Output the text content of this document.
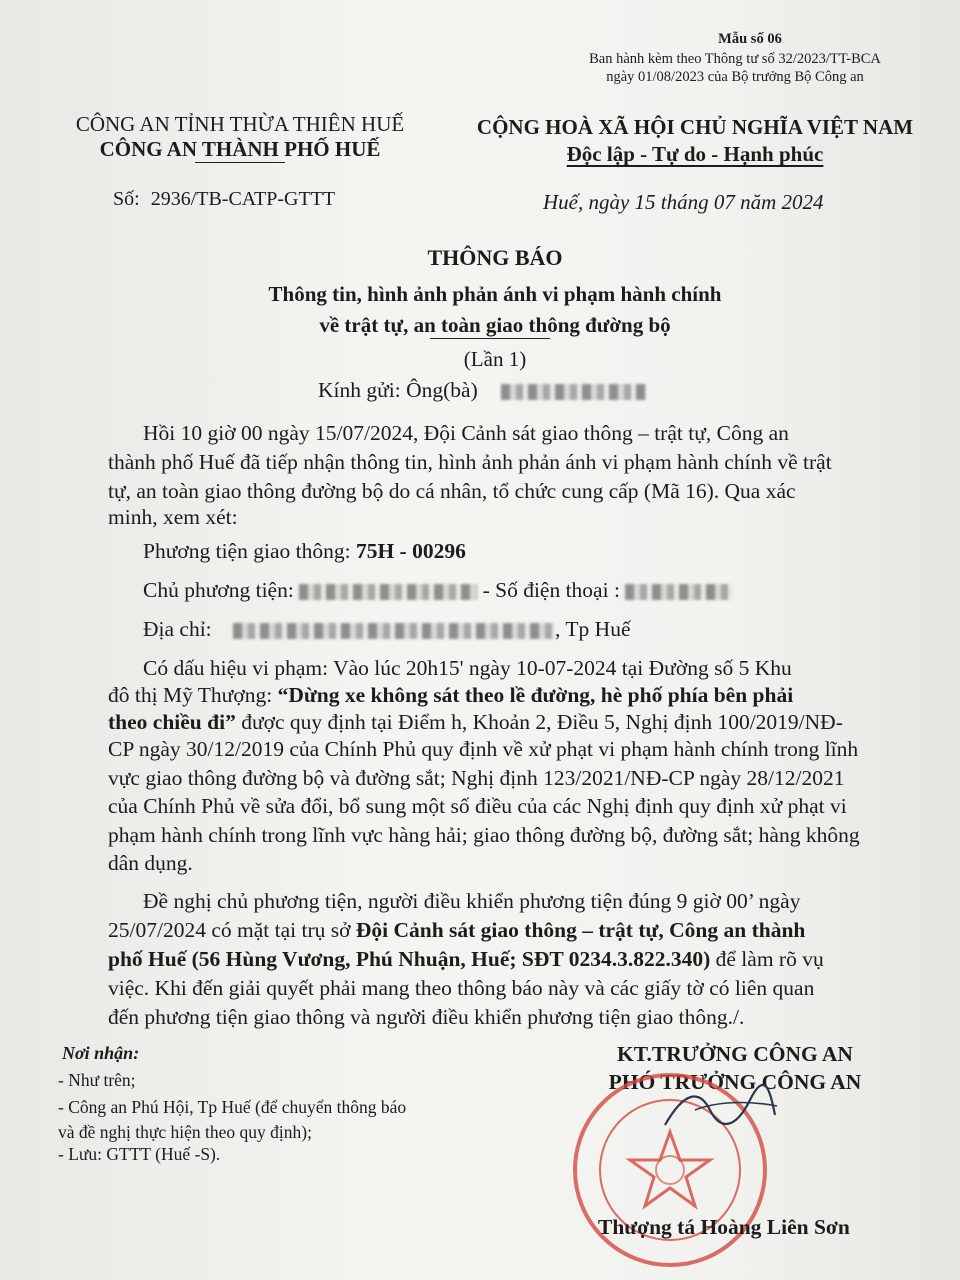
Mẫu số 06
Ban hành kèm theo Thông tư số 32/2023/TT-BCA
ngày 01/08/2023 của Bộ trưởng Bộ Công an
CÔNG AN TỈNH THỪA THIÊN HUẾ
CÔNG AN THÀNH PHỐ HUẾ
Số: 2936/TB-CATP-GTTT
CỘNG HOÀ XÃ HỘI CHỦ NGHĨA VIỆT NAM
Độc lập - Tự do - Hạnh phúc
Huế, ngày 15 tháng 07 năm 2024
THÔNG BÁO
Thông tin, hình ảnh phản ánh vi phạm hành chính
về trật tự, an toàn giao thông đường bộ
(Lần 1)
Kính gửi: Ông(bà)
Hồi 10 giờ 00 ngày 15/07/2024, Đội Cảnh sát giao thông – trật tự, Công an
thành phố Huế đã tiếp nhận thông tin, hình ảnh phản ánh vi phạm hành chính về trật
tự, an toàn giao thông đường bộ do cá nhân, tổ chức cung cấp (Mã 16). Qua xác
minh, xem xét:
Phương tiện giao thông: 75H - 00296
Chủ phương tiện:	- Số điện thoại :
Địa chỉ:	, Tp Huế
Có dấu hiệu vi phạm: Vào lúc 20h15' ngày 10-07-2024 tại Đường số 5 Khu
đô thị Mỹ Thượng: “Dừng xe không sát theo lề đường, hè phố phía bên phải
theo chiều đi” được quy định tại Điểm h, Khoản 2, Điều 5, Nghị định 100/2019/NĐ-
CP ngày 30/12/2019 của Chính Phủ quy định về xử phạt vi phạm hành chính trong lĩnh
vực giao thông đường bộ và đường sắt; Nghị định 123/2021/NĐ-CP ngày 28/12/2021
của Chính Phủ về sửa đổi, bổ sung một số điều của các Nghị định quy định xử phạt vi
phạm hành chính trong lĩnh vực hàng hải; giao thông đường bộ, đường sắt; hàng không
dân dụng.
Đề nghị chủ phương tiện, người điều khiển phương tiện đúng 9 giờ 00’ ngày
25/07/2024 có mặt tại trụ sở Đội Cảnh sát giao thông – trật tự, Công an thành
phố Huế (56 Hùng Vương, Phú Nhuận, Huế; SĐT 0234.3.822.340) để làm rõ vụ
việc. Khi đến giải quyết phải mang theo thông báo này và các giấy tờ có liên quan
đến phương tiện giao thông và người điều khiển phương tiện giao thông./.
Nơi nhận:
- Như trên;
- Công an Phú Hội, Tp Huế (để chuyển thông báo
và đề nghị thực hiện theo quy định);
- Lưu: GTTT (Huế -S).
KT.TRƯỞNG CÔNG AN
PHÓ TRƯỞNG CÔNG AN
Thượng tá Hoàng Liên Sơn
